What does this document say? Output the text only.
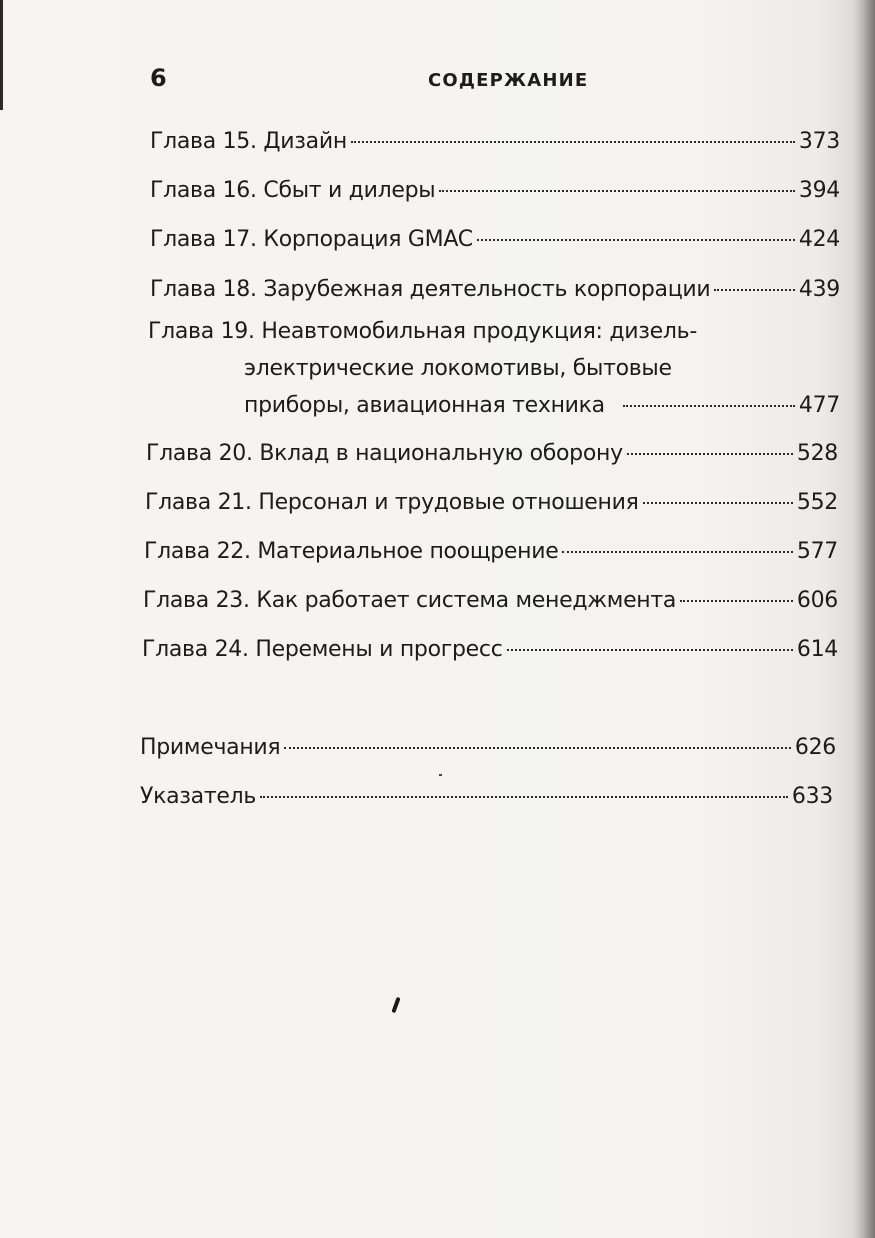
6	СОДЕРЖАНИЕ
Глава 15. Дизайн	373
Глава 16. Сбыт и дилеры	394
Глава 17. Корпорация GMAC	424
Глава 18. Зарубежная деятельность корпорации	439
Глава 19. Неавтомобильная продукция: дизель-
электрические локомотивы, бытовые
приборы, авиационная техника	477
Глава 20. Вклад в национальную оборону	528
Глава 21. Персонал и трудовые отношения	552
Глава 22. Материальное поощрение	577
Глава 23. Как работает система менеджмента	606
Глава 24. Перемены и прогресс	614
Примечания	626
Указатель	633
